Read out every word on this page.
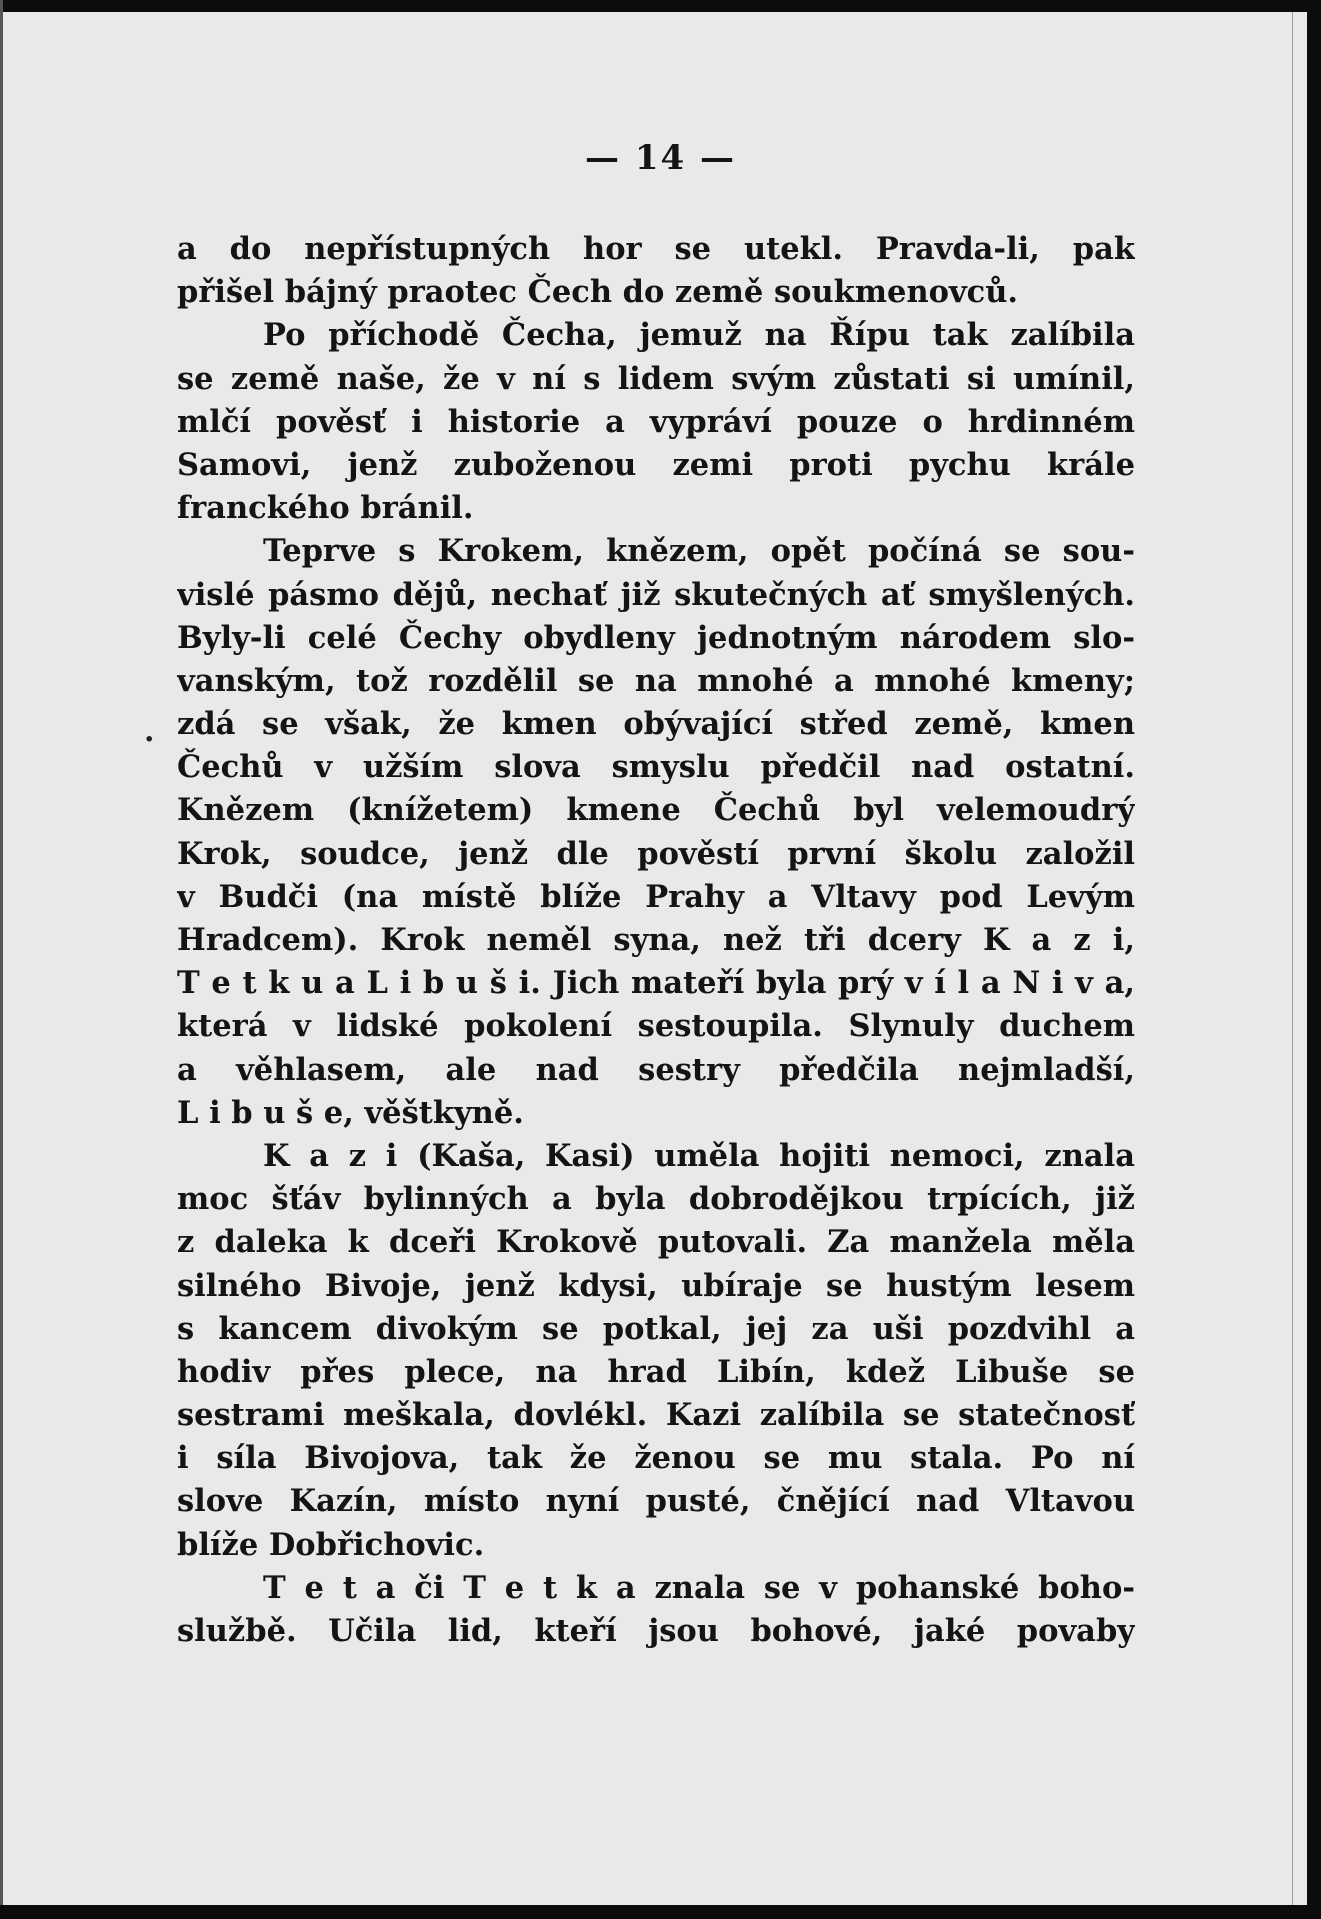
— 14 —
a do nepřístupných hor se utekl. Pravda-li, pak
přišel bájný praotec Čech do země soukmenovců.
Po příchodě Čecha, jemuž na Řípu tak zalíbila
se země naše, že v ní s lidem svým zůstati si umínil,
mlčí pověsť i historie a vypráví pouze o hrdinném
Samovi, jenž zuboženou zemi proti pychu krále
franckého bránil.
Teprve s Krokem, knězem, opět počíná se sou-
vislé pásmo dějů, nechať již skutečných ať smyšlených.
Byly-li celé Čechy obydleny jednotným národem slo-
vanským, tož rozdělil se na mnohé a mnohé kmeny;
zdá se však, že kmen obývající střed země, kmen
Čechů v užším slova smyslu předčil nad ostatní.
Knězem (knížetem) kmene Čechů byl velemoudrý
Krok, soudce, jenž dle pověstí první školu založil
v Budči (na místě blíže Prahy a Vltavy pod Levým
Hradcem). Krok neměl syna, než tři dcery K a z i,
T e t k u a L i b u š i. Jich mateří byla prý v í l a N i v a,
která v lidské pokolení sestoupila. Slynuly duchem
a věhlasem, ale nad sestry předčila nejmladší,
L i b u š e, věštkyně.
K a z i (Kaša, Kasi) uměla hojiti nemoci, znala
moc šťáv bylinných a byla dobrodějkou trpících, již
z daleka k dceři Krokově putovali. Za manžela měla
silného Bivoje, jenž kdysi, ubíraje se hustým lesem
s kancem divokým se potkal, jej za uši pozdvihl a
hodiv přes plece, na hrad Libín, kdež Libuše se
sestrami meškala, dovlékl. Kazi zalíbila se statečnosť
i síla Bivojova, tak že ženou se mu stala. Po ní
slove Kazín, místo nyní pusté, čnějící nad Vltavou
blíže Dobřichovic.
T e t a či T e t k a znala se v pohanské boho-
službě. Učila lid, kteří jsou bohové, jaké povaby
·
